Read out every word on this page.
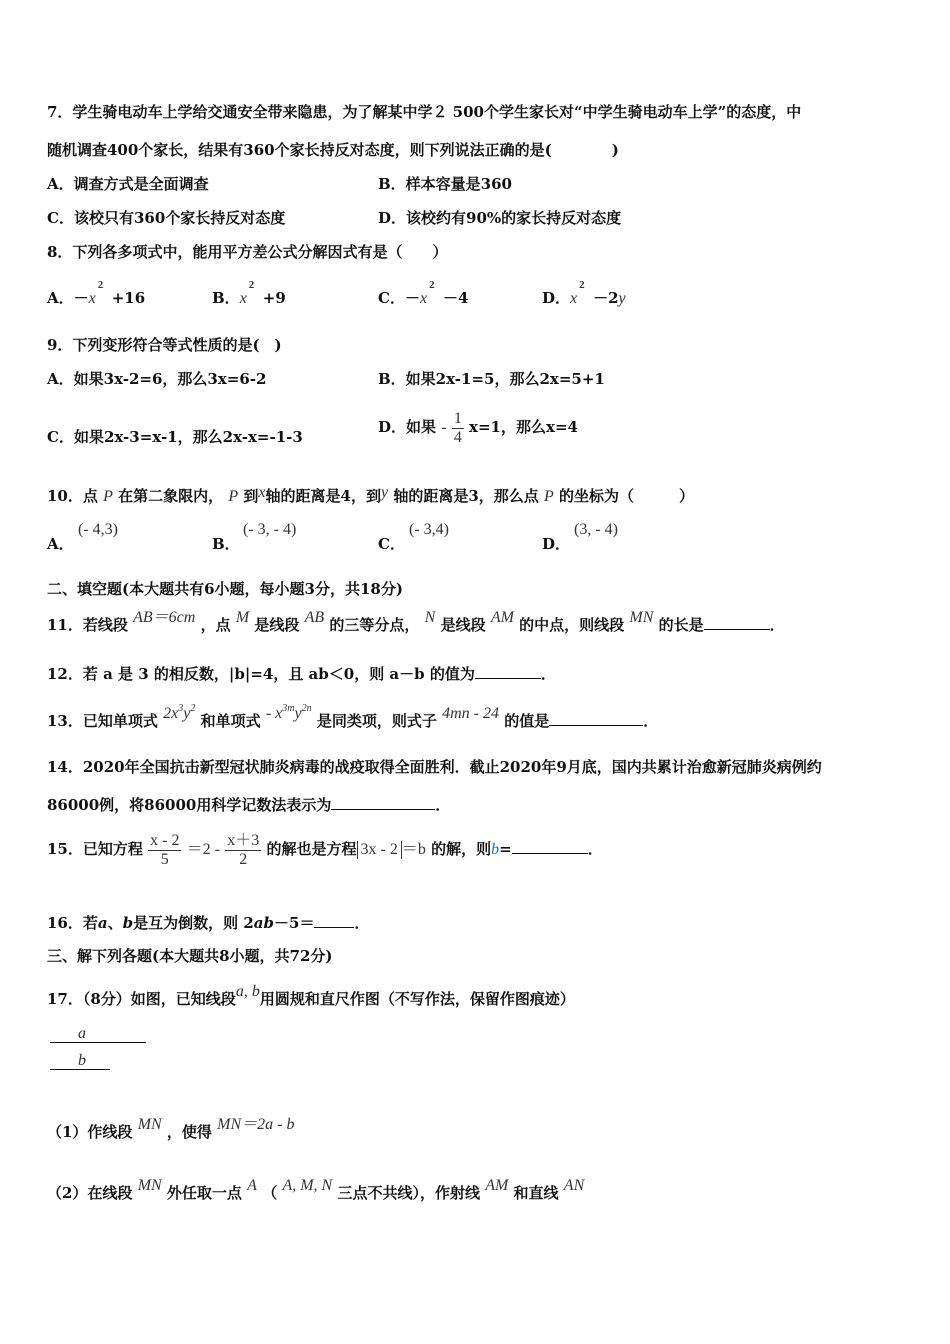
7．学生骑电动车上学给交通安全带来隐患，为了解某中学２ 500个学生家长对“中学生骑电动车上学”的态度，中
随机调查400个家长，结果有360个家长持反对态度，则下列说法正确的是(　　　　)
A．调查方式是全面调查	B．样本容量是360
C．该校只有360个家长持反对态度	D．该校约有90%的家长持反对态度
8．下列各多项式中，能用平方差公式分解因式有是（　　）
A．$-x^2 +16$	B．$x^2 +9$	C．$-x^2 -4$	D．$x^2 -2y$
9．下列变形符合等式性质的是(　)
A．如果3x-2=6，那么3x=6-2	B．如果2x-1=5，那么2x=5+1
C．如果2x-3=x-1，那么2x-x=-1-3
D．如果 - $\frac{1}{4} x=1$，那么x=4
10．点 P 在第二象限内， P 到x轴的距离是4，到y 轴的距离是3，那么点 P 的坐标为（　　　）
A．
(- 4,3)
B．
(- 3, - 4)
C．
(- 3,4)
D．
(3, - 4)
二、填空题(本大题共有6小题，每小题3分，共18分)
11．若线段 AB＝6cm ，点 M 是线段 AB 的三等分点， N 是线段 AM 的中点，则线段 MN 的长是	．
12．若 a 是 3 的相反数，|b|=4，且 ab＜0，则 a－b 的值为	．
13．已知单项式 $2x^3y^2$ 和单项式 - $x^{3m}y^{2n}$ 是同类项，则式子 4mn - 24 的值是	．
14．2020年全国抗击新型冠状肺炎病毒的战疫取得全面胜利．截止2020年9月底，国内共累计治愈新冠肺炎病例约
86000例，将86000用科学记数法表示为	．
15．已知方程 $\frac{x - 2}{5} =2 - \frac{x+3}{2}$ 的解也是方程 3x - 2 ＝b 的解，则b=	．
16．若a、b是互为倒数，则 2ab－5＝	．
三、解下列各题(本大题共8小题，共72分)
17．（8分）如图，已知线段a, b用圆规和直尺作图（不写作法，保留作图痕迹）
a
b
（1）作线段 MN ，使得 MN＝2a - b
（2）在线段 MN 外任取一点 A （ A, M, N 三点不共线），作射线 AM 和直线 AN
